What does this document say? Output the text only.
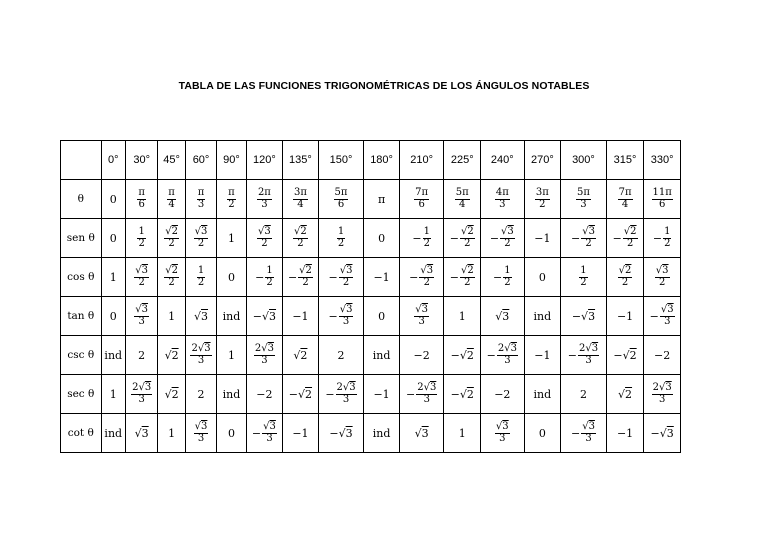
TABLA DE LAS FUNCIONES TRIGONOMÉTRICAS DE LOS ÁNGULOS NOTABLES
	0°	30°	45°	60°	90°	120°	135°	150°	180°	210°	225°	240°	270°	300°	315°	330°
θ	0	$\frac{\pi}{6}$	$\frac{\pi}{4}$	$\frac{\pi}{3}$	$\frac{\pi}{2}$	$\frac{2\pi}{3}$	$\frac{3\pi}{4}$	$\frac{5\pi}{6}$	π	$\frac{7\pi}{6}$	$\frac{5\pi}{4}$	$\frac{4\pi}{3}$	$\frac{3\pi}{2}$	$\frac{5\pi}{3}$	$\frac{7\pi}{4}$	$\frac{11\pi}{6}$

sen θ	0	$\frac{1}{2}$	$\frac{√2}{2}$	$\frac{√3}{2}$	1	$\frac{√3}{2}$	$\frac{√2}{2}$	$\frac{1}{2}$	0	− $\frac{1}{2}$	− $\frac{√2}{2}$	− $\frac{√3}{2}$	−1	− $\frac{√3}{2}$	− $\frac{√2}{2}$	− $\frac{1}{2}$

cos θ	1	$\frac{√3}{2}$	$\frac{√2}{2}$	$\frac{1}{2}$	0	− $\frac{1}{2}$	− $\frac{√2}{2}$	− $\frac{√3}{2}$	−1	− $\frac{√3}{2}$	− $\frac{√2}{2}$	− $\frac{1}{2}$	0	$\frac{1}{2}$	$\frac{√2}{2}$	$\frac{√3}{2}$

tan θ	0	$\frac{√3}{3}$	1	√3	ind	−√3	−1	− $\frac{√3}{3}$	0	$\frac{√3}{3}$	1	√3	ind	−√3	−1	− $\frac{√3}{3}$

csc θ	ind	2	√2	$\frac{2√3}{3}$	1	$\frac{2√3}{3}$	√2	2	ind	−2	−√2	− $\frac{2√3}{3}$	−1	− $\frac{2√3}{3}$	−√2	−2
sec θ	1	$\frac{2√3}{3}$	√2	2	ind	−2	−√2	− $\frac{2√3}{3}$	−1	− $\frac{2√3}{3}$	−√2	−2	ind	2	√2	$\frac{2√3}{3}$

cot θ	ind	√3	1	$\frac{√3}{3}$	0	− $\frac{√3}{3}$	−1	−√3	ind	√3	1	$\frac{√3}{3}$	0	− $\frac{√3}{3}$	−1	−√3
